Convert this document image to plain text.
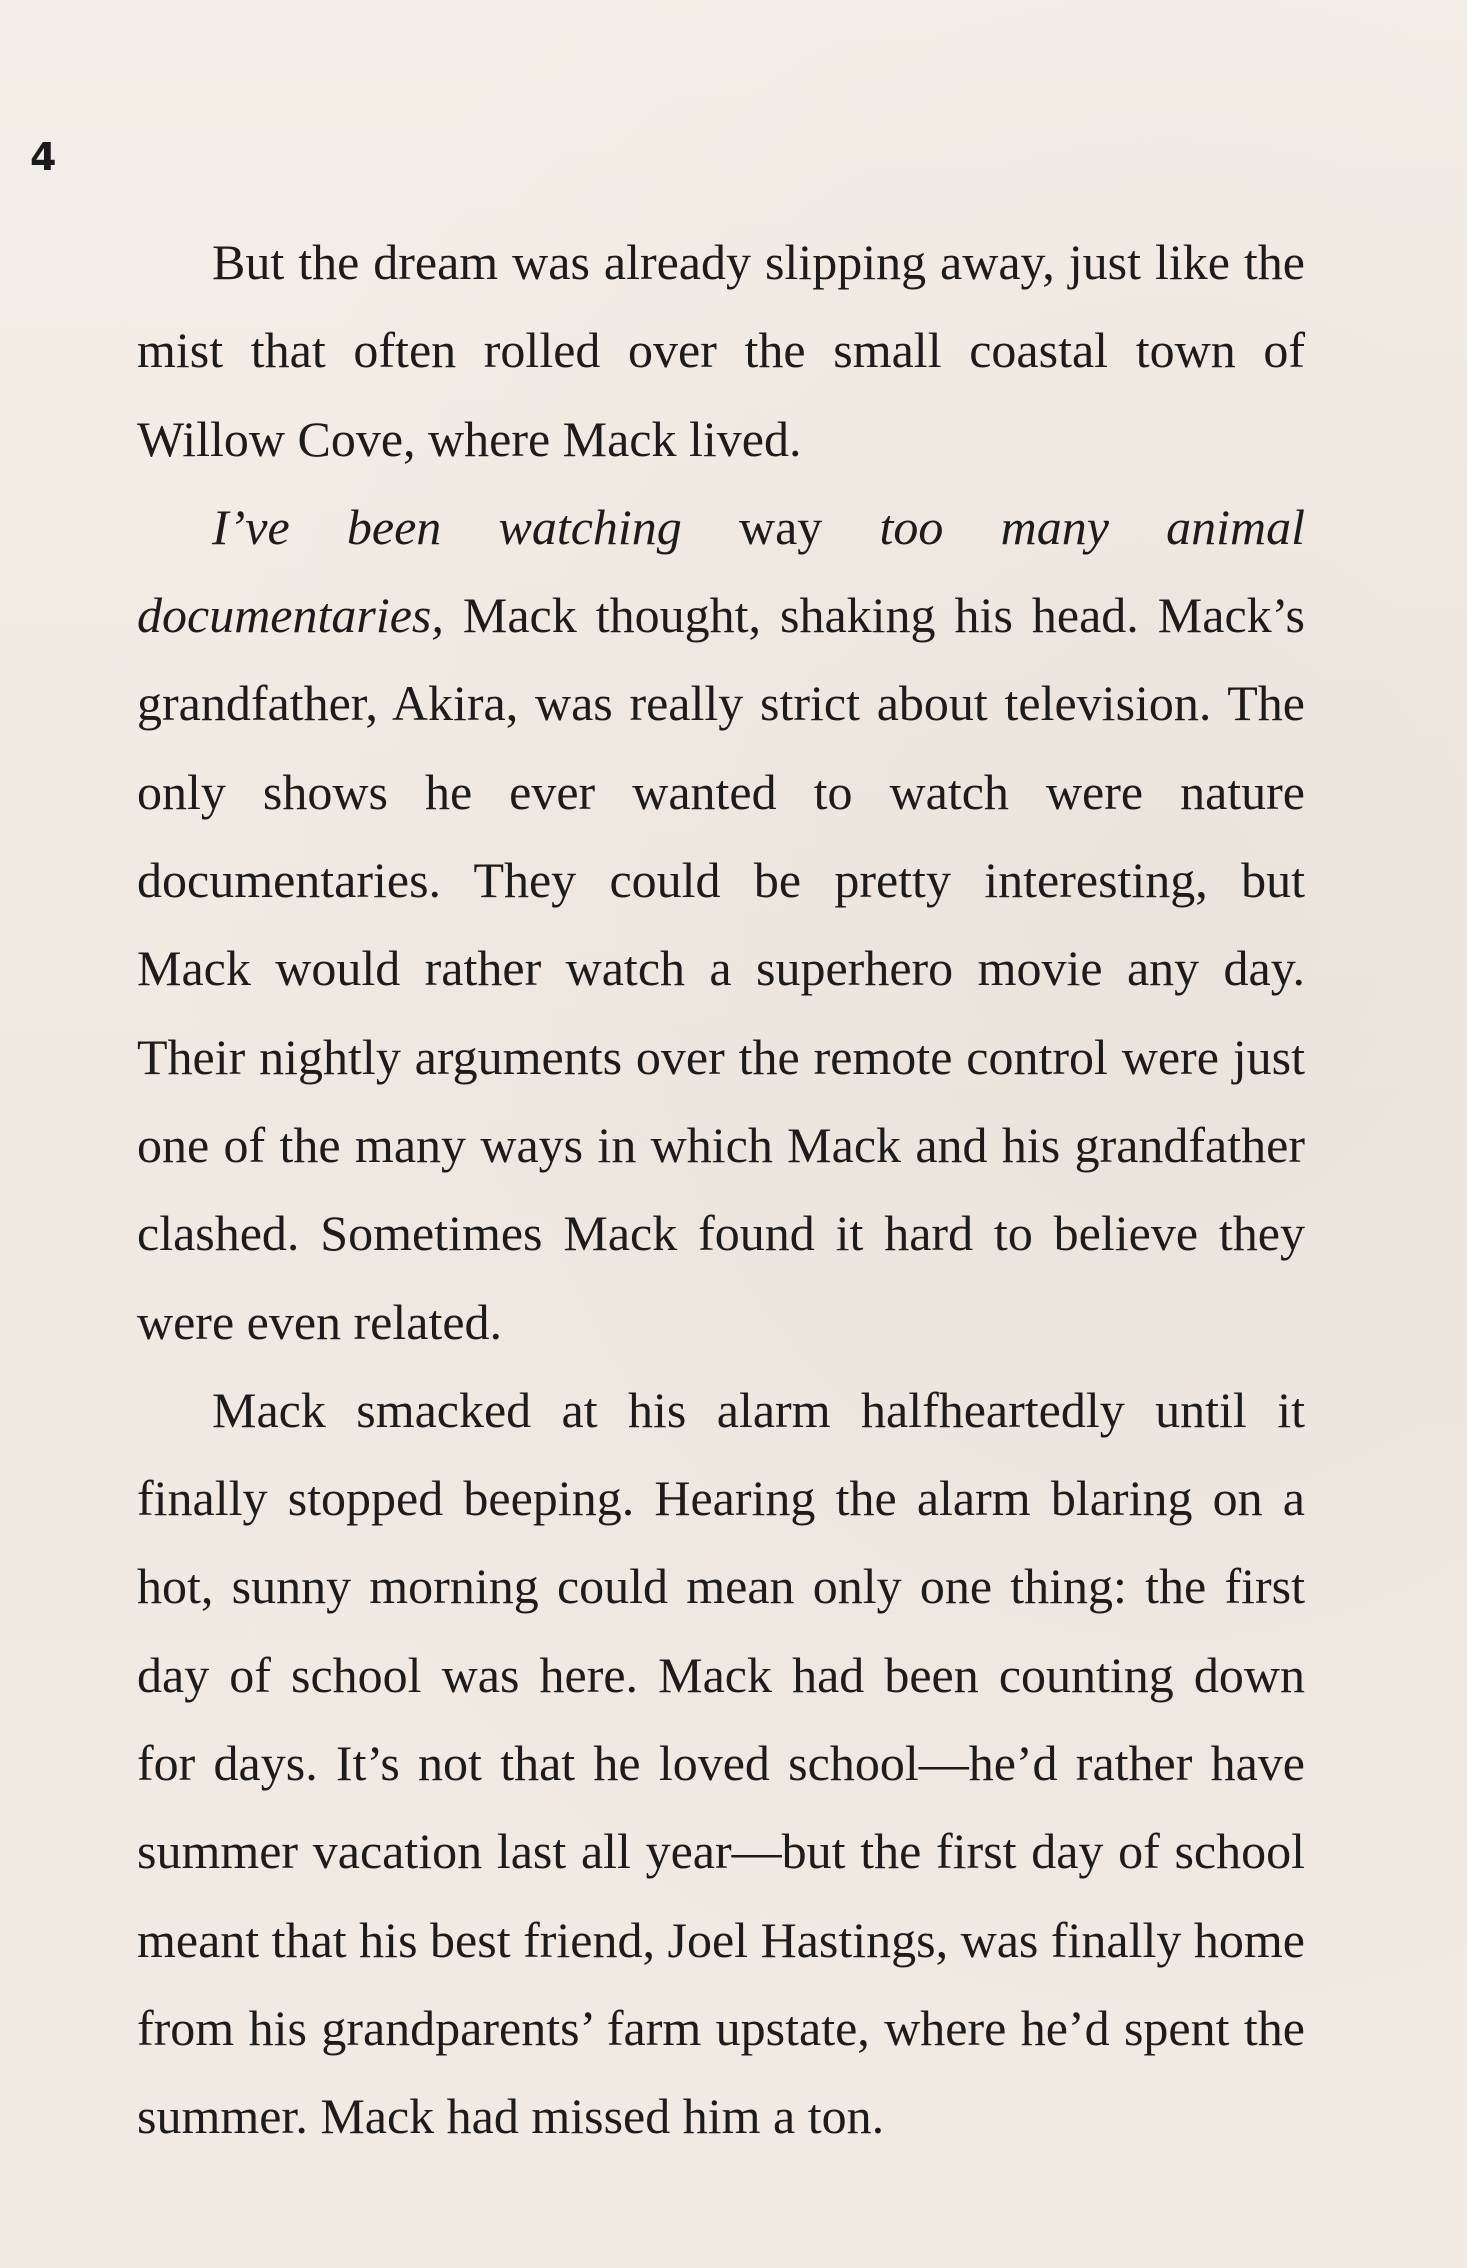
4

But the dream was already slipping away, just like the mist that often rolled over the small coastal town of Willow Cove, where Mack lived.

I’ve been watching way too many animal documentaries, Mack thought, shaking his head. Mack’s grandfather, Akira, was really strict about television. The only shows he ever wanted to watch were nature documentaries. They could be pretty interesting, but Mack would rather watch a superhero movie any day. Their nightly arguments over the remote control were just one of the many ways in which Mack and his grandfather clashed. Sometimes Mack found it hard to believe they were even related.

Mack smacked at his alarm halfheartedly until it finally stopped beeping. Hearing the alarm blaring on a hot, sunny morning could mean only one thing: the first day of school was here. Mack had been counting down for days. It’s not that he loved school—he’d rather have summer vacation last all year—but the first day of school meant that his best friend, Joel Hastings, was finally home from his grandparents’ farm upstate, where he’d spent the summer. Mack had missed him a ton.
